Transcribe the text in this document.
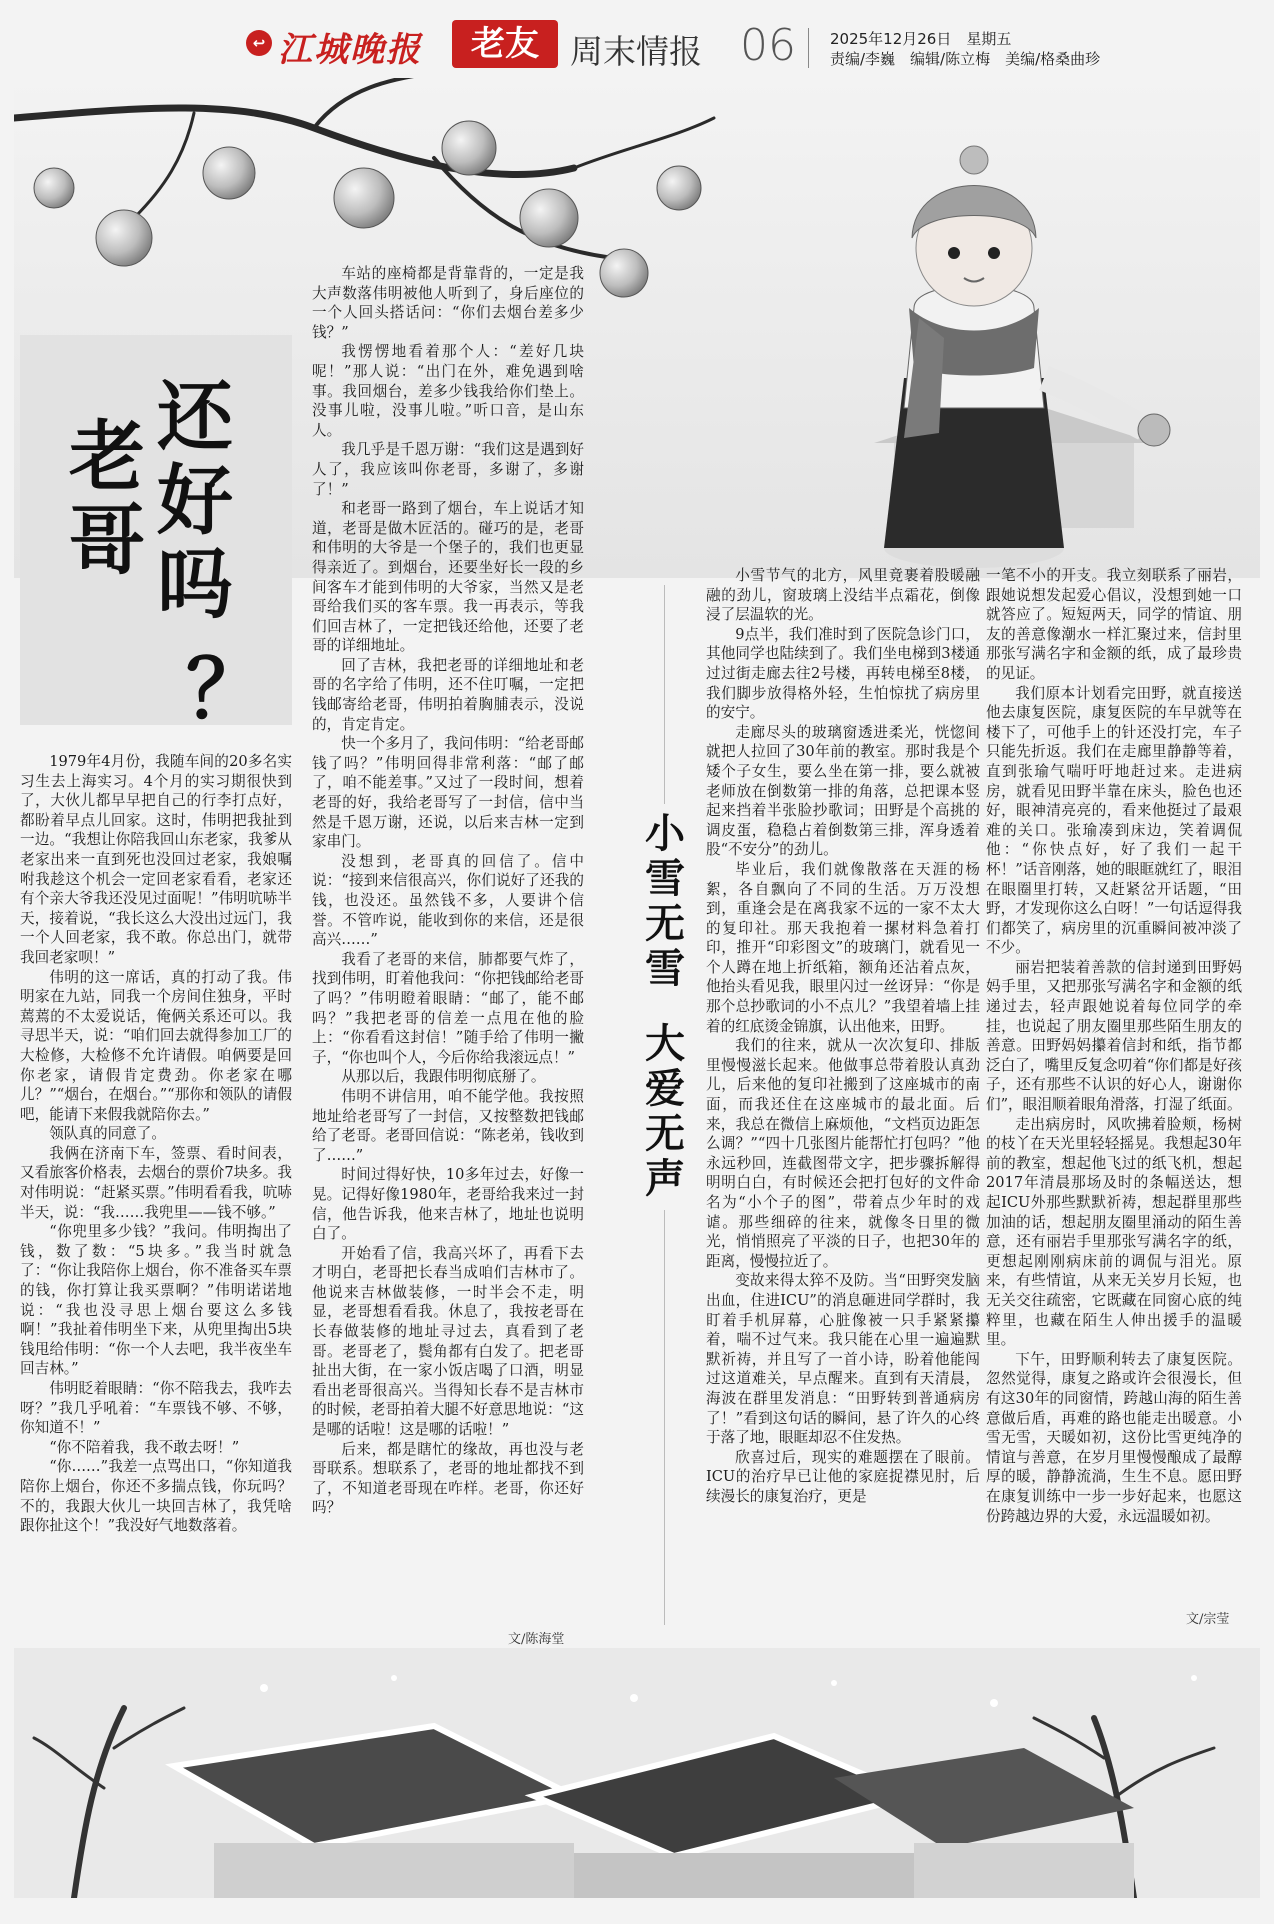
↩ 江城晚报	老友 周末情报 06 2025年12月26日　星期五
责编/李巍　编辑/陈立梅　美编/格桑曲珍
还好吗
老哥
？

1979年4月份，我随车间的20多名实习生去上海实习。4个月的实习期很快到了，大伙儿都早早把自己的行李打点好，都盼着早点儿回家。这时，伟明把我扯到一边。“我想让你陪我回山东老家，我爹从老家出来一直到死也没回过老家，我娘嘱咐我趁这个机会一定回老家看看，老家还有个亲大爷我还没见过面呢！”伟明吭哧半天，接着说，“我长这么大没出过远门，我一个人回老家，我不敢。你总出门，就带我回老家呗！”

伟明的这一席话，真的打动了我。伟明家在九站，同我一个房间住独身，平时蔫蔫的不太爱说话，俺俩关系还可以。我寻思半天，说：“咱们回去就得参加工厂的大检修，大检修不允许请假。咱俩要是回你老家，请假肯定费劲。你老家在哪儿？”“烟台，在烟台。”“那你和领队的请假吧，能请下来假我就陪你去。”

领队真的同意了。

我俩在济南下车，签票、看时间表，又看旅客价格表，去烟台的票价7块多。我对伟明说：“赶紧买票。”伟明看看我，吭哧半天，说：“我……我兜里——钱不够。”

“你兜里多少钱？”我问。伟明掏出了钱，数了数：“5块多。”我当时就急了：“你让我陪你上烟台，你不准备买车票的钱，你打算让我买票啊？”伟明诺诺地说：“我也没寻思上烟台要这么多钱啊！”我扯着伟明坐下来，从兜里掏出5块钱甩给伟明：“你一个人去吧，我半夜坐车回吉林。”

伟明眨着眼睛：“你不陪我去，我咋去呀？”我几乎吼着：“车票钱不够、不够，你知道不！”

“你不陪着我，我不敢去呀！”

“你……”我差一点骂出口，“你知道我陪你上烟台，你还不多揣点钱，你玩吗？不的，我跟大伙儿一块回吉林了，我凭啥跟你扯这个！”我没好气地数落着。

车站的座椅都是背靠背的，一定是我大声数落伟明被他人听到了，身后座位的一个人回头搭话问：“你们去烟台差多少钱？”

我愣愣地看着那个人：“差好几块呢！”那人说：“出门在外，难免遇到啥事。我回烟台，差多少钱我给你们垫上。没事儿啦，没事儿啦。”听口音，是山东人。

我几乎是千恩万谢：“我们这是遇到好人了，我应该叫你老哥，多谢了，多谢了！”

和老哥一路到了烟台，车上说话才知道，老哥是做木匠活的。碰巧的是，老哥和伟明的大爷是一个堡子的，我们也更显得亲近了。到烟台，还要坐好长一段的乡间客车才能到伟明的大爷家，当然又是老哥给我们买的客车票。我一再表示，等我们回吉林了，一定把钱还给他，还要了老哥的详细地址。

回了吉林，我把老哥的详细地址和老哥的名字给了伟明，还不住叮嘱，一定把钱邮寄给老哥，伟明拍着胸脯表示，没说的，肯定肯定。

快一个多月了，我问伟明：“给老哥邮钱了吗？”伟明回得非常利落：“邮了邮了，咱不能差事。”又过了一段时间，想着老哥的好，我给老哥写了一封信，信中当然是千恩万谢，还说，以后来吉林一定到家串门。

没想到，老哥真的回信了。信中说：“接到来信很高兴，你们说好了还我的钱，也没还。虽然钱不多，人要讲个信誉。不管咋说，能收到你的来信，还是很高兴……”

我看了老哥的来信，肺都要气炸了，找到伟明，盯着他我问：“你把钱邮给老哥了吗？”伟明瞪着眼睛：“邮了，能不邮吗？”我把老哥的信差一点甩在他的脸上：“你看看这封信！”随手给了伟明一撇子，“你也叫个人，今后你给我滚远点！”

从那以后，我跟伟明彻底掰了。

伟明不讲信用，咱不能学他。我按照地址给老哥写了一封信，又按整数把钱邮给了老哥。老哥回信说：“陈老弟，钱收到了……”

时间过得好快，10多年过去，好像一晃。记得好像1980年，老哥给我来过一封信，他告诉我，他来吉林了，地址也说明白了。

开始看了信，我高兴坏了，再看下去才明白，老哥把长春当成咱们吉林市了。他说来吉林做装修，一时半会不走，明显，老哥想看看我。休息了，我按老哥在长春做装修的地址寻过去，真看到了老哥。老哥老了，鬓角都有白发了。把老哥扯出大街，在一家小饭店喝了口酒，明显看出老哥很高兴。当得知长春不是吉林市的时候，老哥拍着大腿不好意思地说：“这是哪的话啦！这是哪的话啦！”

后来，都是瞎忙的缘故，再也没与老哥联系。想联系了，老哥的地址都找不到了，不知道老哥现在咋样。老哥，你还好吗？

文/陈海堂
小雪无雪
大爱无声

小雪节气的北方，风里竟裹着股暖融融的劲儿，窗玻璃上没结半点霜花，倒像浸了层温软的光。

9点半，我们准时到了医院急诊门口，其他同学也陆续到了。我们坐电梯到3楼通过过街走廊去往2号楼，再转电梯至8楼，我们脚步放得格外轻，生怕惊扰了病房里的安宁。

走廊尽头的玻璃窗透进柔光，恍惚间就把人拉回了30年前的教室。那时我是个矮个子女生，要么坐在第一排，要么就被老师放在倒数第一排的角落，总把课本竖起来挡着半张脸抄歌词；田野是个高挑的调皮蛋，稳稳占着倒数第三排，浑身透着股“不安分”的劲儿。

毕业后，我们就像散落在天涯的杨絮，各自飘向了不同的生活。万万没想到，重逢会是在离我家不远的一家不太大的复印社。那天我抱着一摞材料急着打印，推开“印彩图文”的玻璃门，就看见一个人蹲在地上折纸箱，额角还沾着点灰，他抬头看见我，眼里闪过一丝讶异：“你是那个总抄歌词的小不点儿？”我望着墙上挂着的红底烫金锦旗，认出他来，田野。

我们的往来，就从一次次复印、排版里慢慢滋长起来。他做事总带着股认真劲儿，后来他的复印社搬到了这座城市的南面，而我还住在这座城市的最北面。后来，我总在微信上麻烦他，“文档页边距怎么调？”“四十几张图片能帮忙打包吗？”他永远秒回，连截图带文字，把步骤拆解得明明白白，有时候还会把打包好的文件命名为“小个子的图”，带着点少年时的戏谑。那些细碎的往来，就像冬日里的微光，悄悄照亮了平淡的日子，也把30年的距离，慢慢拉近了。

变故来得太猝不及防。当“田野突发脑出血，住进ICU”的消息砸进同学群时，我盯着手机屏幕，心脏像被一只手紧紧攥着，喘不过气来。我只能在心里一遍遍默默祈祷，并且写了一首小诗，盼着他能闯过这道难关，早点醒来。直到有天清晨，海波在群里发消息：“田野转到普通病房了！”看到这句话的瞬间，悬了许久的心终于落了地，眼眶却忍不住发热。

欣喜过后，现实的难题摆在了眼前。ICU的治疗早已让他的家庭捉襟见肘，后续漫长的康复治疗，更是

一笔不小的开支。我立刻联系了丽岩，跟她说想发起爱心倡议，没想到她一口就答应了。短短两天，同学的情谊、朋友的善意像潮水一样汇聚过来，信封里那张写满名字和金额的纸，成了最珍贵的见证。

我们原本计划看完田野，就直接送他去康复医院，康复医院的车早就等在楼下了，可他手上的针还没打完，车子只能先折返。我们在走廊里静静等着，直到张瑜气喘吁吁地赶过来。走进病房，就看见田野半靠在床头，脸色也还好，眼神清亮亮的，看来他挺过了最艰难的关口。张瑜凑到床边，笑着调侃他：“你快点好，好了我们一起干杯！”话音刚落，她的眼眶就红了，眼泪在眼圈里打转，又赶紧岔开话题，“田野，才发现你这么白呀！”一句话逗得我们都笑了，病房里的沉重瞬间被冲淡了不少。

丽岩把装着善款的信封递到田野妈妈手里，又把那张写满名字和金额的纸递过去，轻声跟她说着每位同学的牵挂，也说起了朋友圈里那些陌生朋友的善意。田野妈妈攥着信封和纸，指节都泛白了，嘴里反复念叨着“你们都是好孩子，还有那些不认识的好心人，谢谢你们”，眼泪顺着眼角滑落，打湿了纸面。

走出病房时，风吹拂着脸颊，杨树的枝丫在天光里轻轻摇晃。我想起30年前的教室，想起他飞过的纸飞机，想起2017年清晨那场及时的条幅送达，想起ICU外那些默默祈祷，想起群里那些加油的话，想起朋友圈里涌动的陌生善意，还有丽岩手里那张写满名字的纸，更想起刚刚病床前的调侃与泪光。原来，有些情谊，从来无关岁月长短，也无关交往疏密，它既藏在同窗心底的纯粹里，也藏在陌生人伸出援手的温暖里。

下午，田野顺利转去了康复医院。忽然觉得，康复之路或许会很漫长，但有这30年的同窗情，跨越山海的陌生善意做后盾，再难的路也能走出暖意。小雪无雪，天暖如初，这份比雪更纯净的情谊与善意，在岁月里慢慢酿成了最醇厚的暖，静静流淌，生生不息。愿田野在康复训练中一步一步好起来，也愿这份跨越边界的大爱，永远温暖如初。

文/宗莹
